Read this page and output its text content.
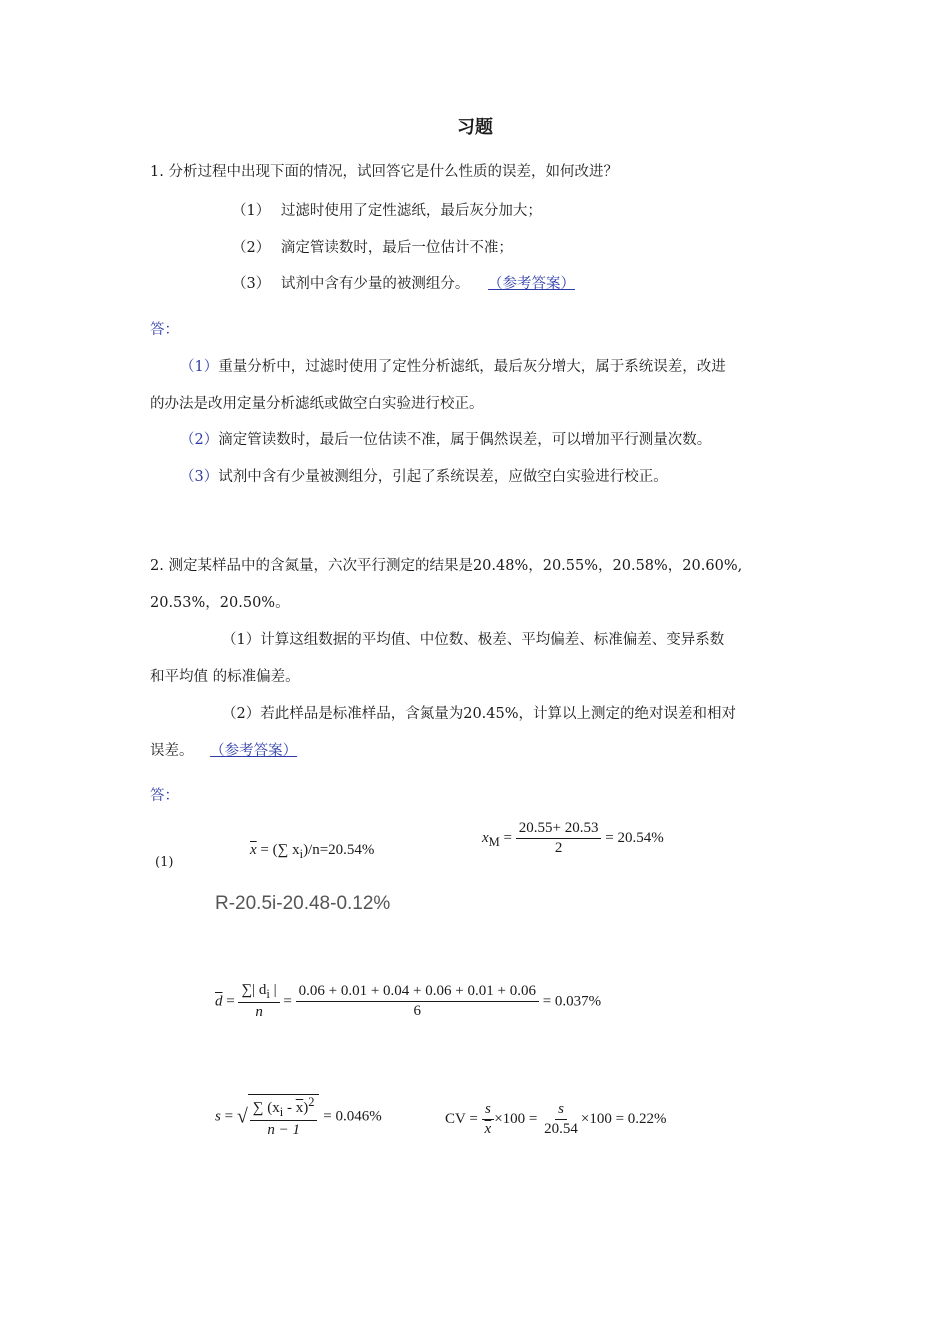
习题
1. 分析过程中出现下面的情况，试回答它是什么性质的误差，如何改进？
（1） 过滤时使用了定性滤纸，最后灰分加大；
（2） 滴定管读数时，最后一位估计不准；
（3） 试剂中含有少量的被测组分。 （参考答案）
答：
（1）重量分析中，过滤时使用了定性分析滤纸，最后灰分增大，属于系统误差，改进
的办法是改用定量分析滤纸或做空白实验进行校正。
（2）滴定管读数时，最后一位估读不准，属于偶然误差，可以增加平行测量次数。
（3）试剂中含有少量被测组分，引起了系统误差，应做空白实验进行校正。
2. 测定某样品中的含氮量，六次平行测定的结果是20.48%，20.55%，20.58%，20.60%,
20.53%，20.50%。
（1）计算这组数据的平均值、中位数、极差、平均偏差、标准偏差、变异系数
和平均值 的标准偏差。
（2）若此样品是标准样品，含氮量为20.45%，计算以上测定的绝对误差和相对
误差。 （参考答案）
答：
(1)
$\overline{x}$ = (∑ $x_i)/n=20.54\%$
$x_M = \frac{20.55+ 20.53}{2} = 20.54\%$
R-20.5i-20.48-0.12%
$\overline{d} = \frac{\sum| d_i |}{n} = \frac{0.06 + 0.01 + 0.04 + 0.06 + 0.01 + 0.06}{6} = 0.037\%$
s = √ $\frac{\sum (x_i - \overline{x})^2}{n - 1} = 0.046\%$	CV = $\frac{s}{x} \times 100 = \frac{s}{20.54} \times 100 = 0.22\%$
